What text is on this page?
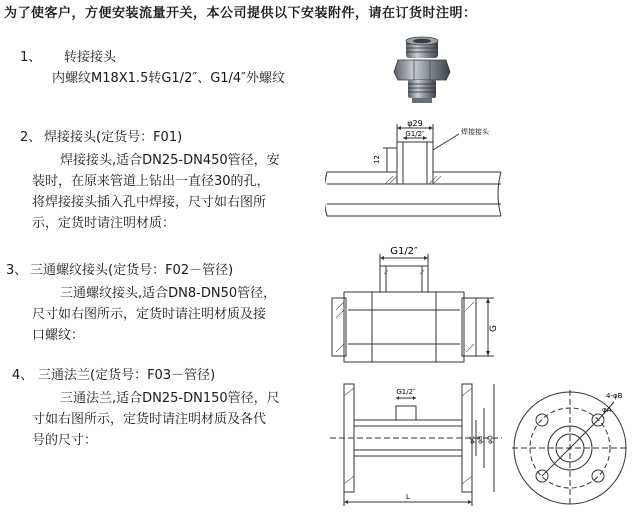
为了使客户，方便安装流量开关，本公司提供以下安装附件，请在订货时注明：
1、 转接接头
内螺纹M18X1.5转G1/2″、G1/4″外螺纹
2、 焊接接头(定货号：F01)
焊接接头,适合DN25-DN450管径，安
装时，在原来管道上钻出一直径30的孔，
将焊接接头插入孔中焊接，尺寸如右图所
示，定货时请注明材质：
3、 三通螺纹接头(定货号：F02－管径)
三通螺纹接头,适合DN8-DN50管径，
尺寸如右图所示，定货时请注明材质及接
口螺纹：
4、 三通法兰(定货号：F03－管径)
三通法兰,适合DN25-DN150管径，尺
寸如右图所示，定货时请注明材质及各代
号的尺寸：
φ29
G1/2″
12
焊接接头
G1/2″
G
G1/2″
φC φB φD
L
4-φB
φA
